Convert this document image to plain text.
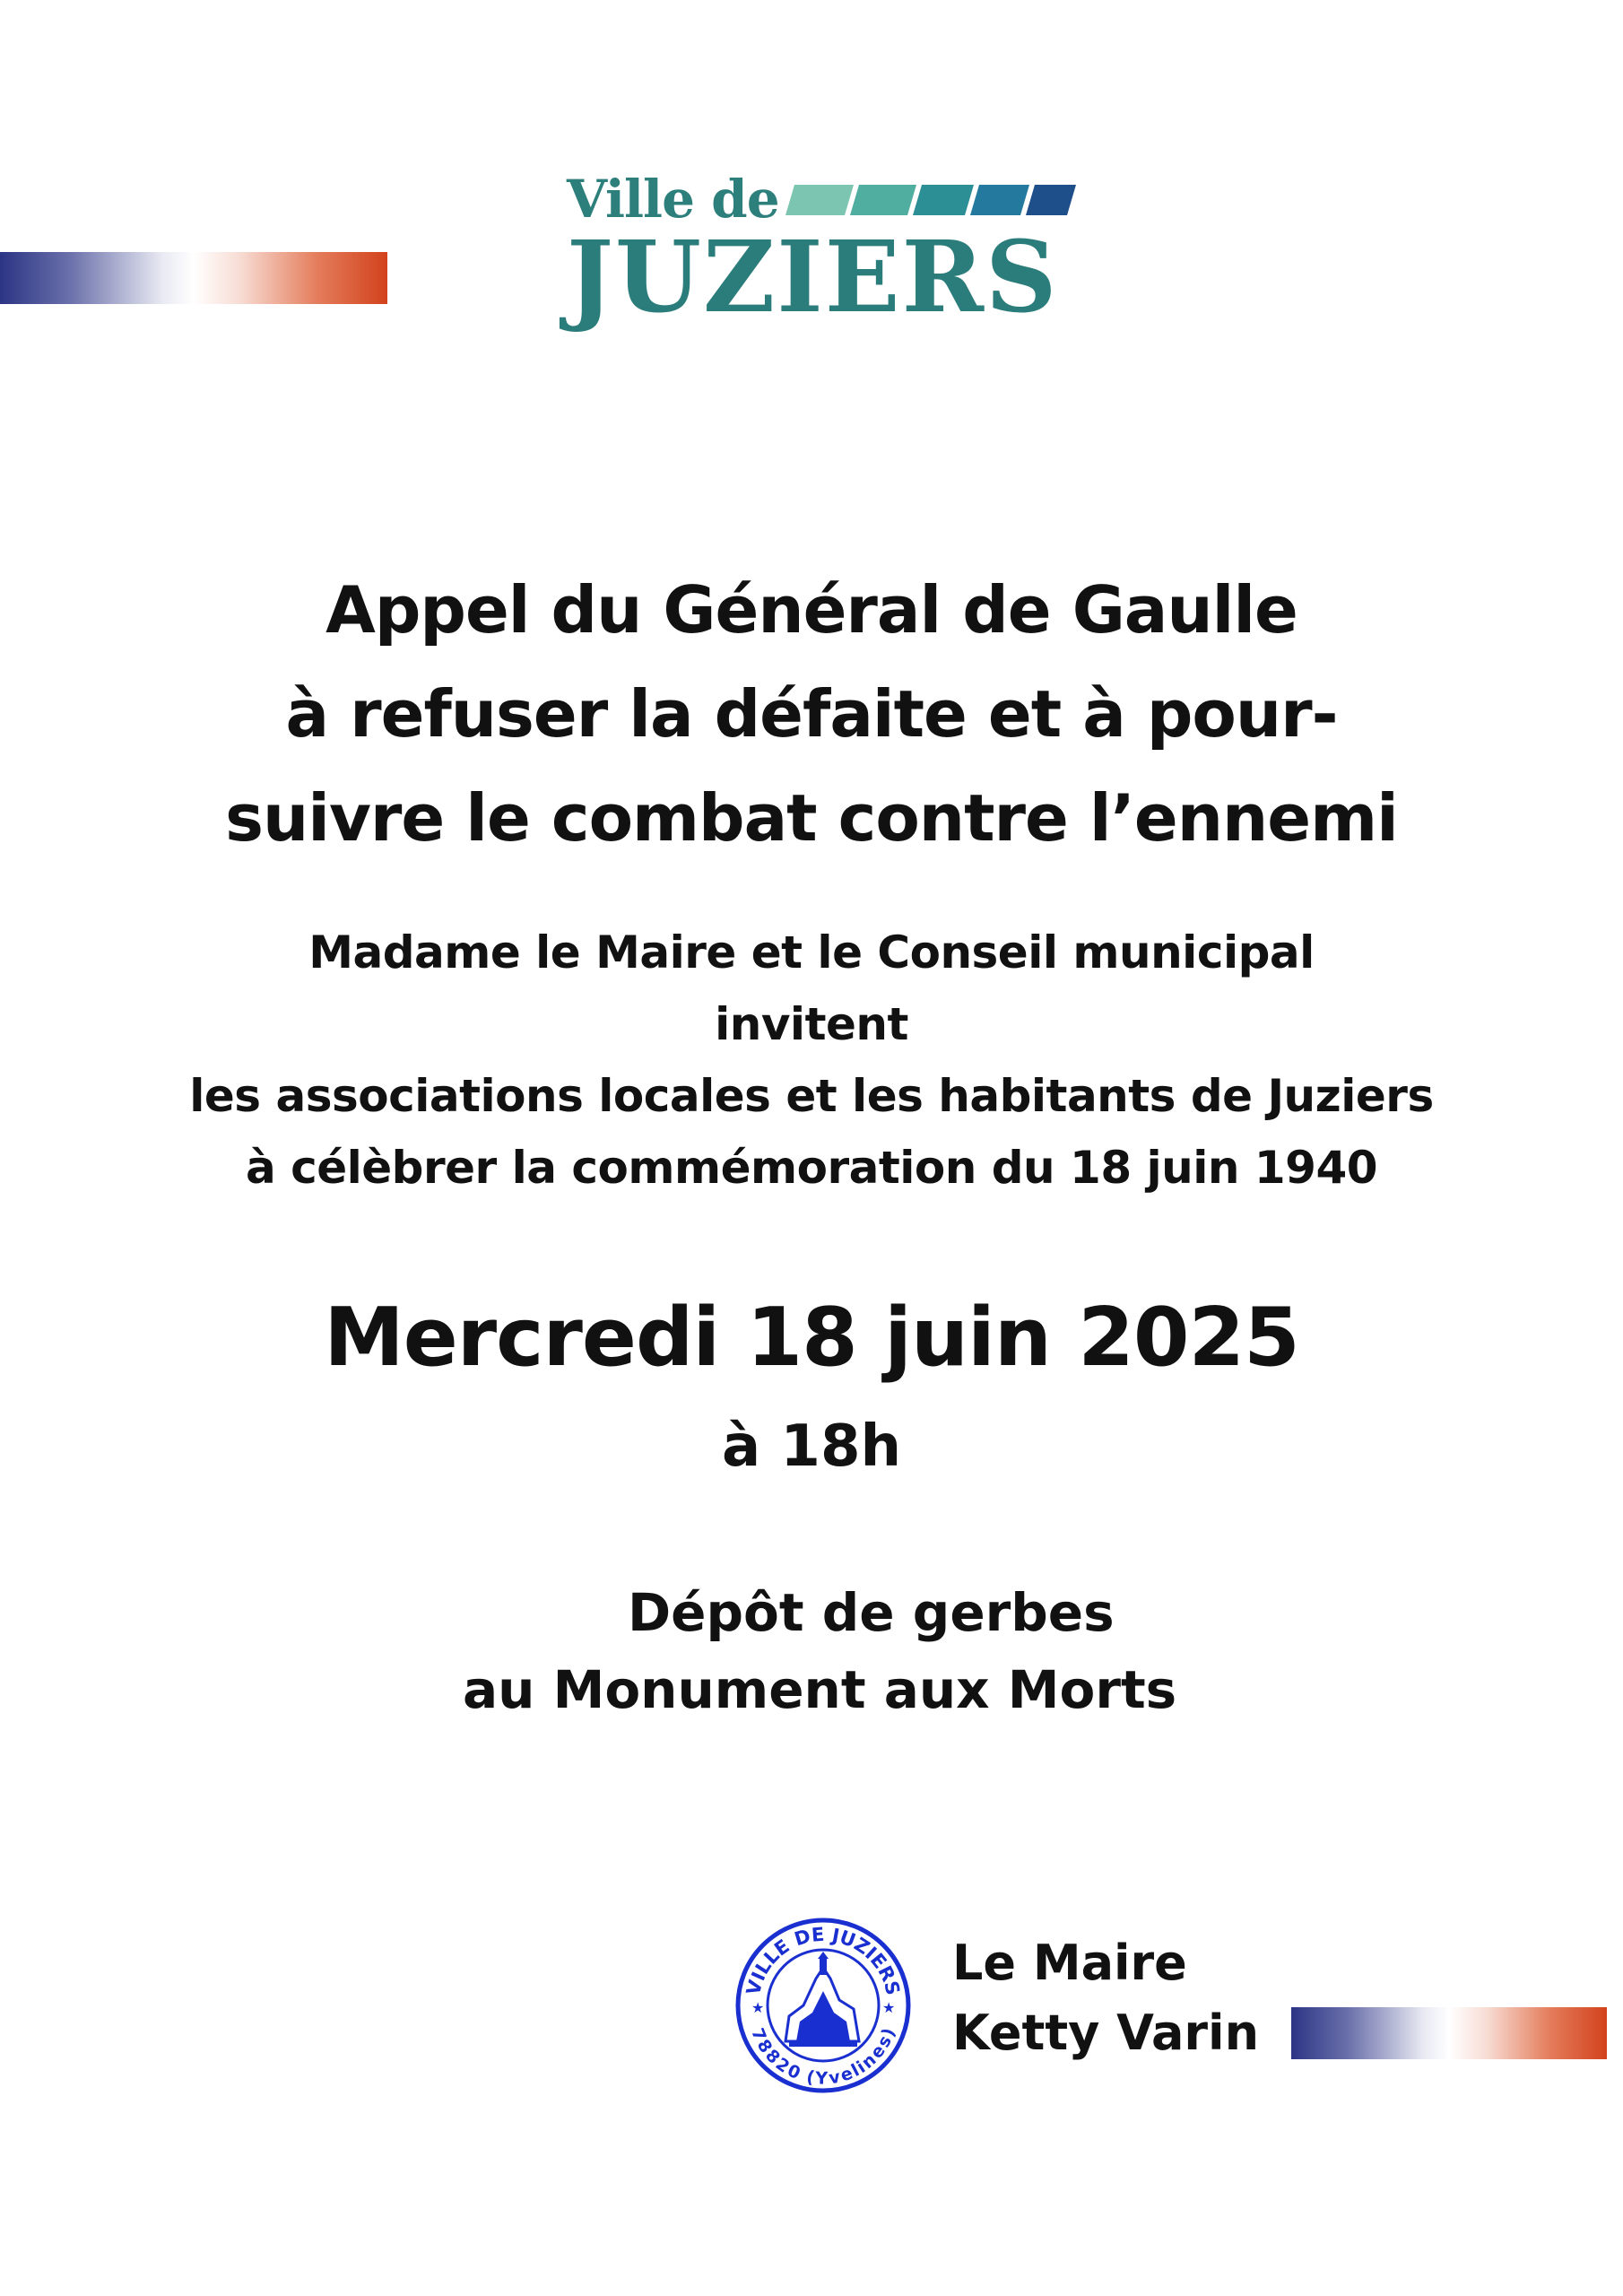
Ville de
JUZIERS
Appel du Général de Gaulle
à refuser la défaite et à pour-
suivre le combat contre l’ennemi
Madame le Maire et le Conseil municipal
invitent
les associations locales et les habitants de Juziers
à célèbrer la commémoration du 18 juin 1940
Mercredi 18 juin 2025
à 18h
Dépôt de gerbes
au Monument aux Morts
VILLE DE JUZIERS
78820 (Yvelines)
★	★
Le Maire
Ketty Varin
